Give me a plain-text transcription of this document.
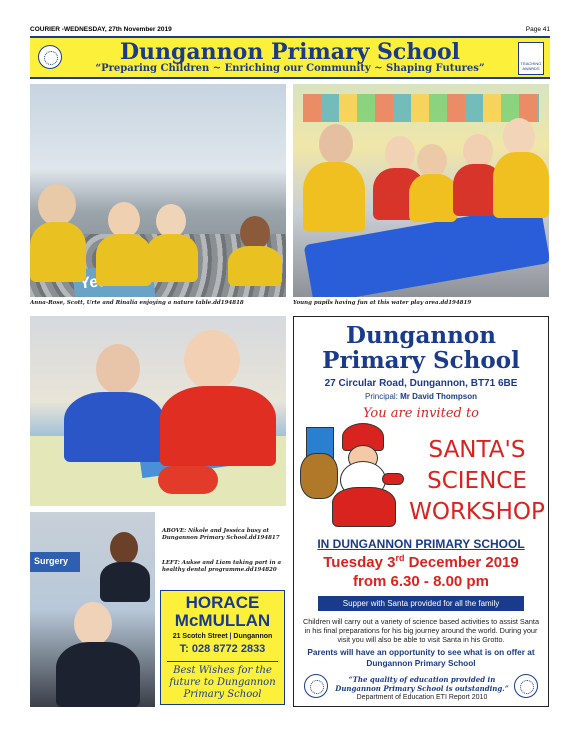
COURIER -WEDNESDAY, 27th November 2019	Page 41
Dungannon Primary School
“Preparing Children ~ Enriching our Community ~ Shaping Futures”	TEACHING AWARDS
Anna-Rose, Scott, Urte and Rinalia enjoying a nature table.dd194818	Young pupils having fun at this water play area.dd194819
Surgery
ABOVE: Nikole and Jessica busy at Dungannon Primary School.dd194817
LEFT: Aukse and Liam taking part in a healthy dental programme.dd194820
HORACE
McMULLAN
21 Scotch Street | Dungannon
T: 028 8772 2833
Best Wishes for the
future to Dungannon
Primary School
Dungannon
Primary School
27 Circular Road, Dungannon, BT71 6BE
Principal: Mr David Thompson
You are invited to
SANTA'S
SCIENCE
WORKSHOP
IN DUNGANNON PRIMARY SCHOOL
Tuesday 3rd December 2019
from 6.30 - 8.00 pm
Supper with Santa provided for all the family
Children will carry out a variety of science based activities to assist Santa in his final preparations for his big journey around the world. During your visit you will also be able to visit Santa in his Grotto.
Parents will have an opportunity to see what is on offer at Dungannon Primary School
“The quality of education provided in Dungannon Primary School is outstanding.”
Department of Education ETI Report 2010
